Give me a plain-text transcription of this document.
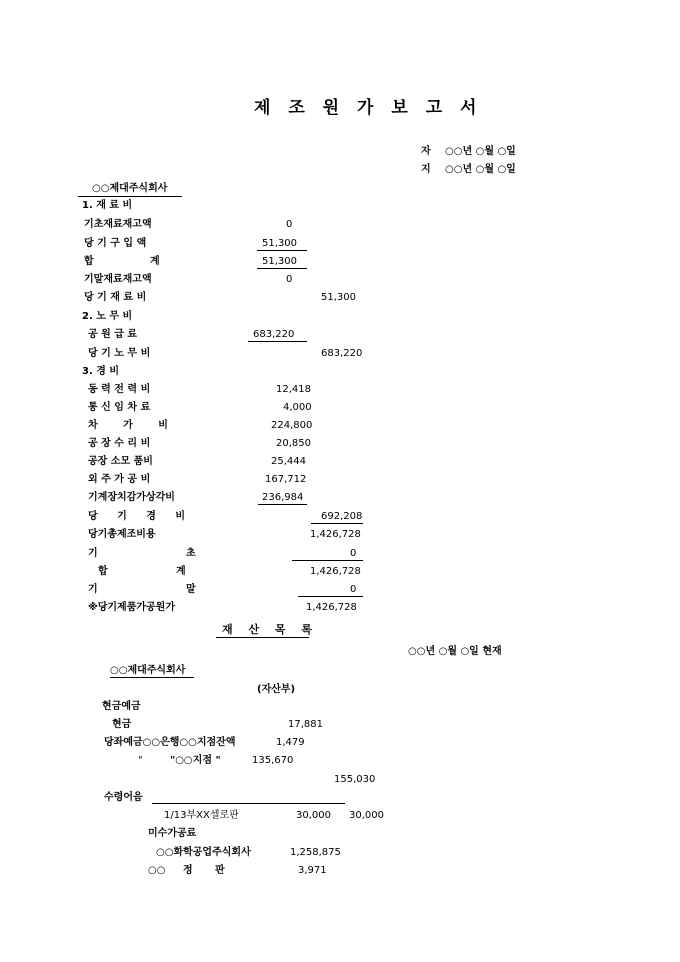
제 조 원 가 보 고 서
자 ○○년 ○월 ○일
지 ○○년 ○월 ○일
○○제대주식회사
1. 재 료 비
기초재료재고액	0
당 기 구 입 액	51,300
합	계	51,300
기말재료재고액	0
당 기 재 료 비	51,300
2. 노 무 비
공 원 급 료	683,220
당 기 노 무 비	683,220
3. 경 비
동 력 전 력 비	12,418
통 신 임 차 료	4,000
차 가 비	224,800
공 장 수 리 비	20,850
공장 소모 품비	25,444
외 주 가 공 비	167,712
기계장치감가상각비	236,984
당 기 경 비	692,208
당기총제조비용	1,426,728
기	초	0
합	계	1,426,728
기	말	0
※당기제품가공원가	1,426,728
재 산 목 록
○○년 ○월 ○일 현재
○○제대주식회사
(자산부)
현금예금
현금	17,881
당좌예금○○은행○○지점잔액	1,479
"	"○○지점 "	135,670
155,030
수령어음
1/13부XX셀로판	30,000 30,000
미수가공료
○○화학공업주식회사	1,258,875
○○ 정 판	3,971
